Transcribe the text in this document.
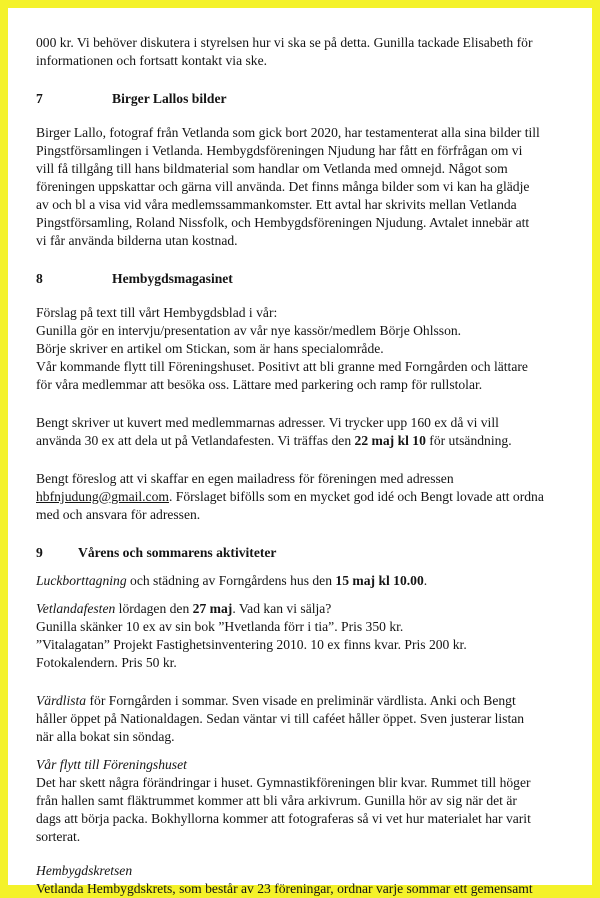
000 kr. Vi behöver diskutera i styrelsen hur vi ska se på detta. Gunilla tackade Elisabeth för

informationen och fortsatt kontakt via ske.

7	Birger Lallos bilder

Birger Lallo, fotograf från Vetlanda som gick bort 2020, har testamenterat alla sina bilder till

Pingstförsamlingen i Vetlanda. Hembygdsföreningen Njudung har fått en förfrågan om vi

vill få tillgång till hans bildmaterial som handlar om Vetlanda med omnejd. Något som

föreningen uppskattar och gärna vill använda. Det finns många bilder som vi kan ha glädje

av och bl a visa vid våra medlemssammankomster. Ett avtal har skrivits mellan Vetlanda

Pingstförsamling, Roland Nissfolk, och Hembygdsföreningen Njudung. Avtalet innebär att

vi får använda bilderna utan kostnad.

8	Hembygdsmagasinet

Förslag på text till vårt Hembygdsblad i vår:

Gunilla gör en intervju/presentation av vår nye kassör/medlem Börje Ohlsson.

Börje skriver en artikel om Stickan, som är hans specialområde.

Vår kommande flytt till Föreningshuset. Positivt att bli granne med Forngården och lättare

för våra medlemmar att besöka oss. Lättare med parkering och ramp för rullstolar.

Bengt skriver ut kuvert med medlemmarnas adresser. Vi trycker upp 160 ex då vi vill

använda 30 ex att dela ut på Vetlandafesten. Vi träffas den 22 maj kl 10 för utsändning.

Bengt föreslog att vi skaffar en egen mailadress för föreningen med adressen

hbfnjudung@gmail.com. Förslaget bifölls som en mycket god idé och Bengt lovade att ordna

med och ansvara för adressen.

9	Vårens och sommarens aktiviteter

Luckborttagning och städning av Forngårdens hus den 15 maj kl 10.00.

Vetlandafesten lördagen den 27 maj. Vad kan vi sälja?

Gunilla skänker 10 ex av sin bok ”Hvetlanda förr i tia”. Pris 350 kr.

”Vitalagatan” Projekt Fastighetsinventering 2010. 10 ex finns kvar. Pris 200 kr.

Fotokalendern. Pris 50 kr.

Värdlista för Forngården i sommar. Sven visade en preliminär värdlista. Anki och Bengt

håller öppet på Nationaldagen. Sedan väntar vi till caféet håller öppet. Sven justerar listan

när alla bokat sin söndag.

Vår flytt till Föreningshuset

Det har skett några förändringar i huset. Gymnastikföreningen blir kvar. Rummet till höger

från hallen samt fläktrummet kommer att bli våra arkivrum. Gunilla hör av sig när det är

dags att börja packa. Bokhyllorna kommer att fotograferas så vi vet hur materialet har varit

sorterat.

Hembygdskretsen

Vetlanda Hembygdskrets, som består av 23 föreningar, ordnar varje sommar ett gemensamt
